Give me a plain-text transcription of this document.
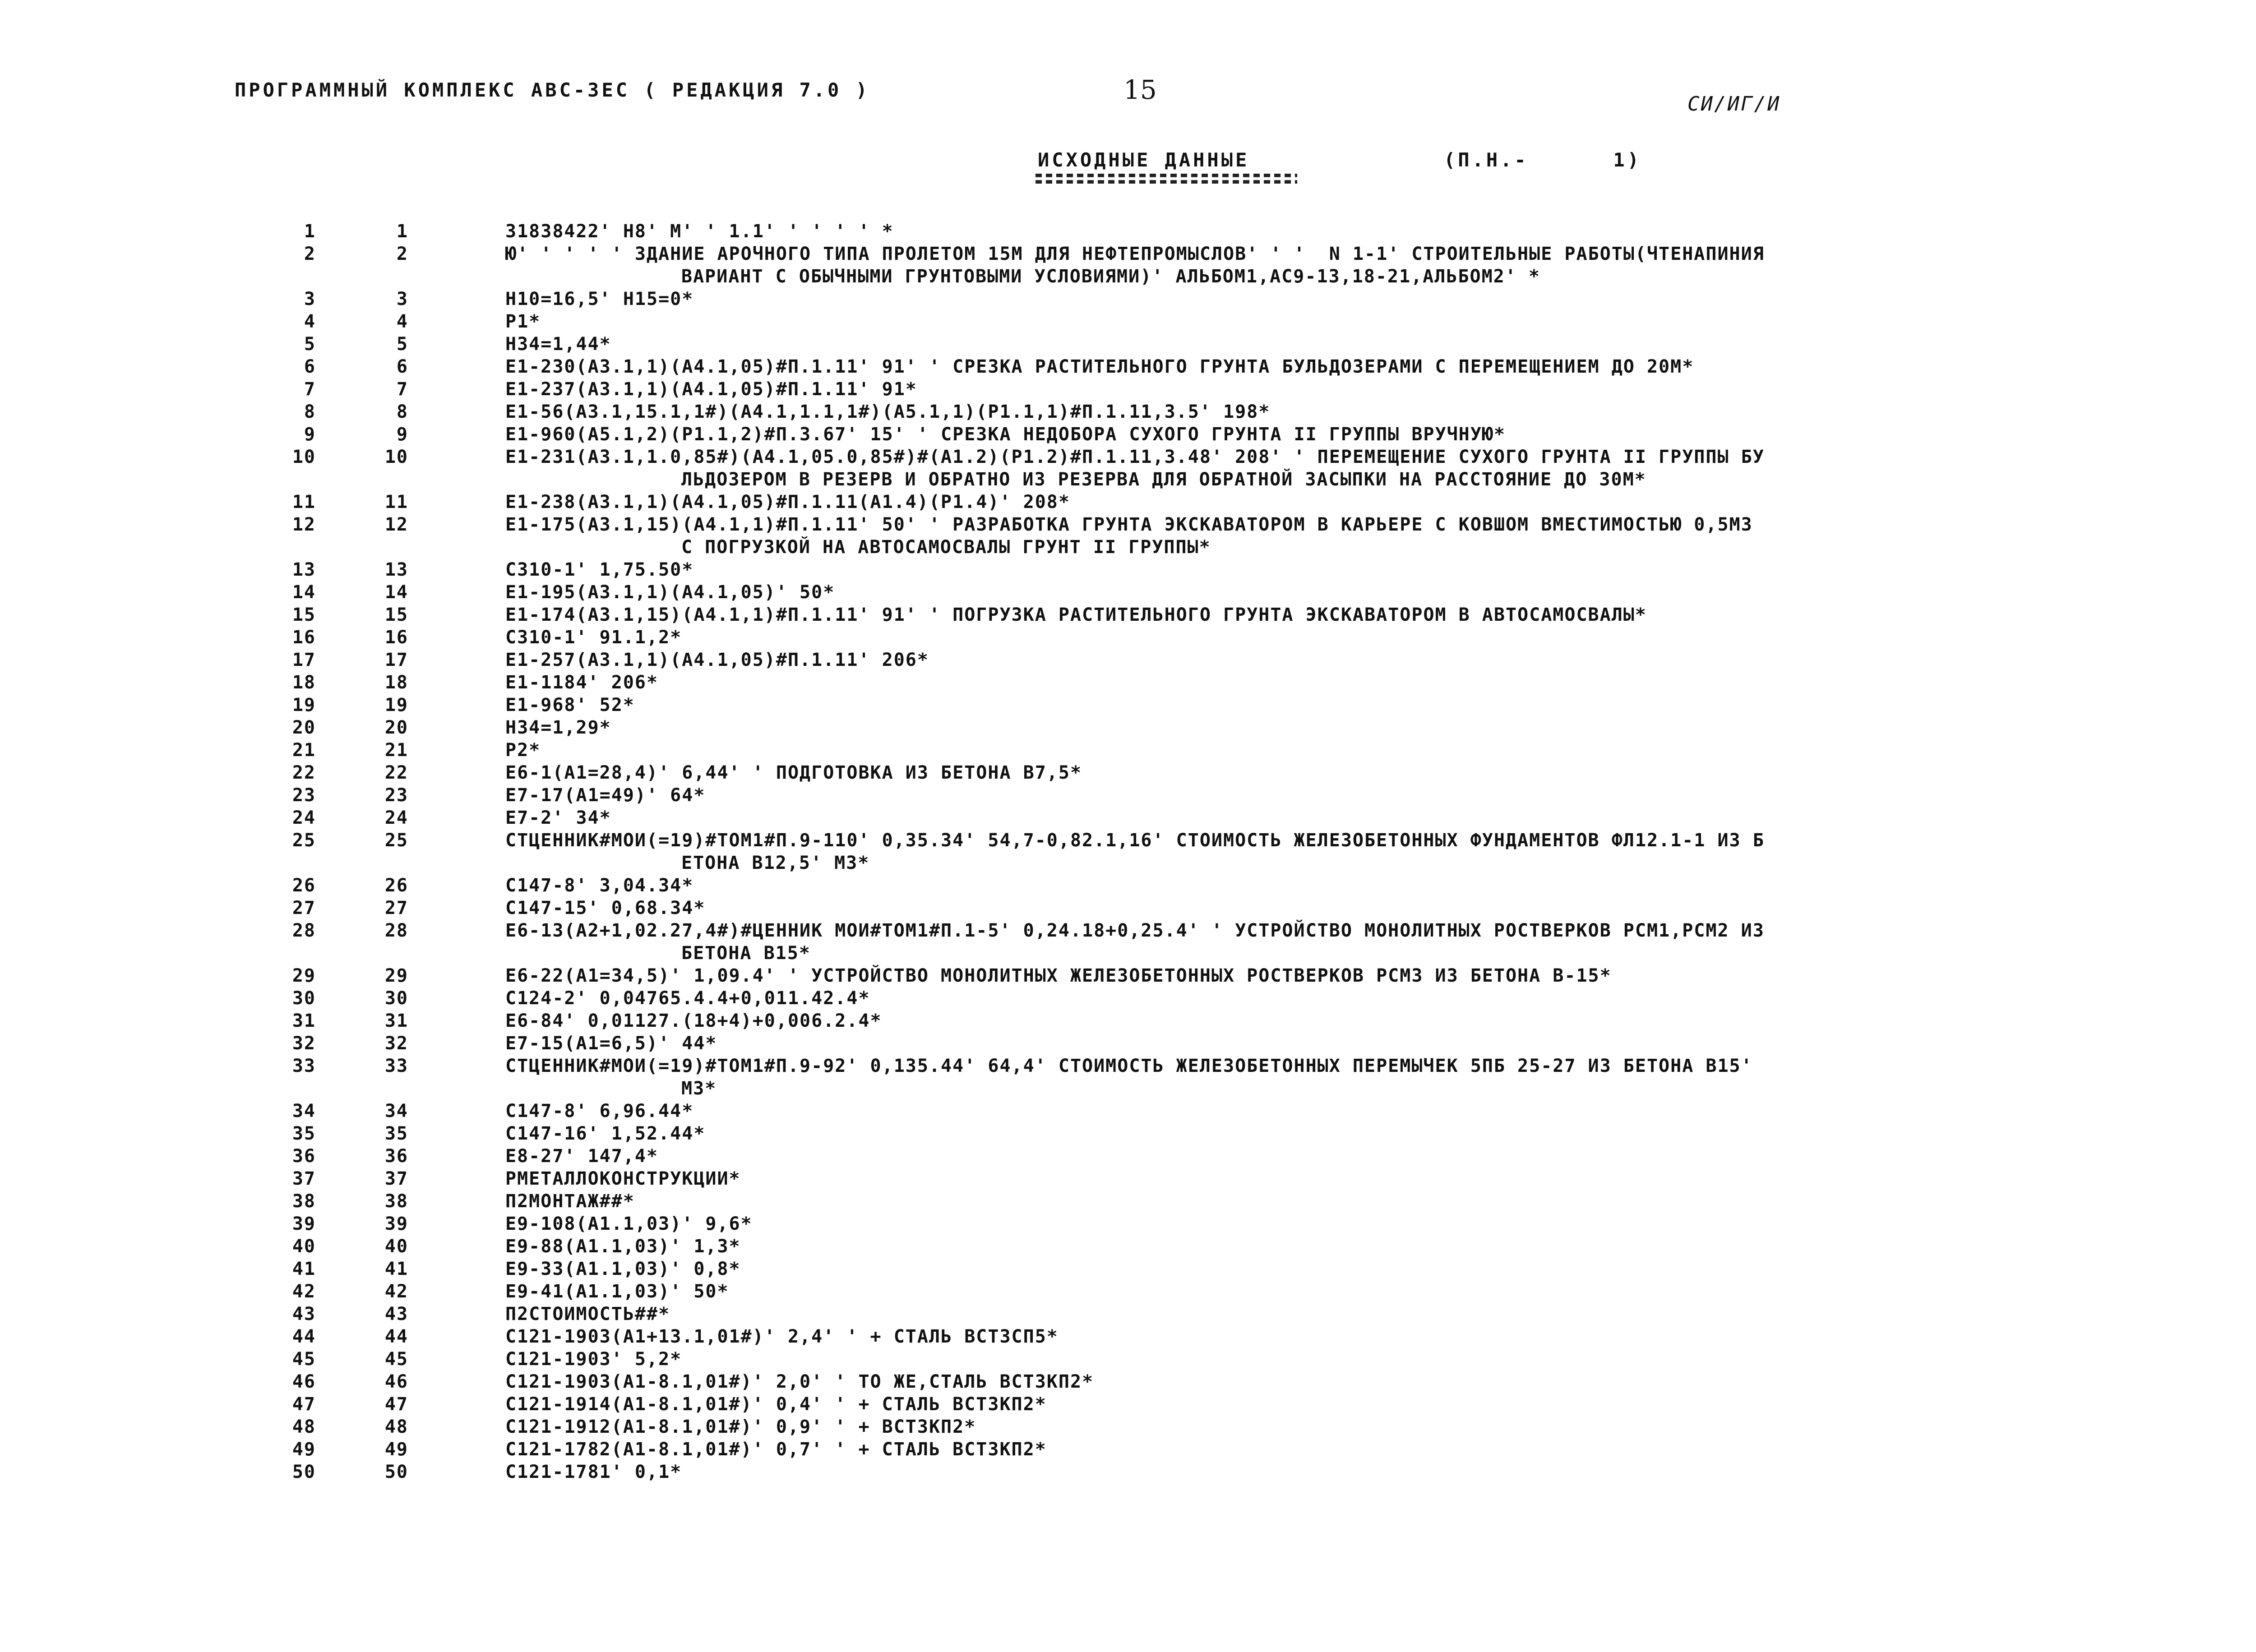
ПРОГРАММНЫЙ КОМПЛЕКС АВС-ЗЕС ( РЕДАКЦИЯ 7.0 )	15	СИ/ИГ/И
ИСХОДНЫЕ ДАННЫЕ	(П.Н.-      1)
1	1	31838422' Н8' М' ' 1.1' ' ' ' ' *
2	2	Ю' ' ' ' ' ЗДАНИЕ АРОЧНОГО ТИПА ПРОЛЕТОМ 15М ДЛЯ НЕФТЕПРОМЫСЛОВ' ' '  N 1-1' СТРОИТЕЛЬНЫЕ РАБОТЫ(ЧТЕНАПИНИЯ
ВАРИАНТ С ОБЫЧНЫМИ ГРУНТОВЫМИ УСЛОВИЯМИ)' АЛЬБОМ1,АС9-13,18-21,АЛЬБОМ2' *
3	3	Н10=16,5' Н15=0*
4	4	Р1*
5	5	Н34=1,44*
6	6	Е1-230(А3.1,1)(А4.1,05)#П.1.11' 91' ' СРЕЗКА РАСТИТЕЛЬНОГО ГРУНТА БУЛЬДОЗЕРАМИ С ПЕРЕМЕЩЕНИЕМ ДО 20М*
7	7	Е1-237(А3.1,1)(А4.1,05)#П.1.11' 91*
8	8	Е1-56(А3.1,15.1,1#)(А4.1,1.1,1#)(А5.1,1)(Р1.1,1)#П.1.11,3.5' 198*
9	9	Е1-960(А5.1,2)(Р1.1,2)#П.3.67' 15' ' СРЕЗКА НЕДОБОРА СУХОГО ГРУНТА II ГРУППЫ ВРУЧНУЮ*
10	10	Е1-231(А3.1,1.0,85#)(А4.1,05.0,85#)#(А1.2)(Р1.2)#П.1.11,3.48' 208' ' ПЕРЕМЕЩЕНИЕ СУХОГО ГРУНТА II ГРУППЫ БУ
ЛЬДОЗЕРОМ В РЕЗЕРВ И ОБРАТНО ИЗ РЕЗЕРВА ДЛЯ ОБРАТНОЙ ЗАСЫПКИ НА РАССТОЯНИЕ ДО 30М*
11	11	Е1-238(А3.1,1)(А4.1,05)#П.1.11(А1.4)(Р1.4)' 208*
12	12	Е1-175(А3.1,15)(А4.1,1)#П.1.11' 50' ' РАЗРАБОТКА ГРУНТА ЭКСКАВАТОРОМ В КАРЬЕРЕ С КОВШОМ ВМЕСТИМОСТЬЮ 0,5М3
С ПОГРУЗКОЙ НА АВТОСАМОСВАЛЫ ГРУНТ II ГРУППЫ*
13	13	С310-1' 1,75.50*
14	14	Е1-195(А3.1,1)(А4.1,05)' 50*
15	15	Е1-174(А3.1,15)(А4.1,1)#П.1.11' 91' ' ПОГРУЗКА РАСТИТЕЛЬНОГО ГРУНТА ЭКСКАВАТОРОМ В АВТОСАМОСВАЛЫ*
16	16	С310-1' 91.1,2*
17	17	Е1-257(А3.1,1)(А4.1,05)#П.1.11' 206*
18	18	Е1-1184' 206*
19	19	Е1-968' 52*
20	20	Н34=1,29*
21	21	Р2*
22	22	Е6-1(А1=28,4)' 6,44' ' ПОДГОТОВКА ИЗ БЕТОНА В7,5*
23	23	Е7-17(А1=49)' 64*
24	24	Е7-2' 34*
25	25	СТЦЕННИК#МОИ(=19)#ТОМ1#П.9-110' 0,35.34' 54,7-0,82.1,16' СТОИМОСТЬ ЖЕЛЕЗОБЕТОННЫХ ФУНДАМЕНТОВ ФЛ12.1-1 ИЗ Б
ЕТОНА В12,5' М3*
26	26	С147-8' 3,04.34*
27	27	С147-15' 0,68.34*
28	28	Е6-13(А2+1,02.27,4#)#ЦЕННИК МОИ#ТОМ1#П.1-5' 0,24.18+0,25.4' ' УСТРОЙСТВО МОНОЛИТНЫХ РОСТВЕРКОВ РСМ1,РСМ2 ИЗ
БЕТОНА В15*
29	29	Е6-22(А1=34,5)' 1,09.4' ' УСТРОЙСТВО МОНОЛИТНЫХ ЖЕЛЕЗОБЕТОННЫХ РОСТВЕРКОВ РСМ3 ИЗ БЕТОНА В-15*
30	30	С124-2' 0,04765.4.4+0,011.42.4*
31	31	Е6-84' 0,01127.(18+4)+0,006.2.4*
32	32	Е7-15(А1=6,5)' 44*
33	33	СТЦЕННИК#МОИ(=19)#ТОМ1#П.9-92' 0,135.44' 64,4' СТОИМОСТЬ ЖЕЛЕЗОБЕТОННЫХ ПЕРЕМЫЧЕК 5ПБ 25-27 ИЗ БЕТОНА В15'
М3*
34	34	С147-8' 6,96.44*
35	35	С147-16' 1,52.44*
36	36	Е8-27' 147,4*
37	37	РМЕТАЛЛОКОНСТРУКЦИИ*
38	38	П2МОНТАЖ##*
39	39	Е9-108(А1.1,03)' 9,6*
40	40	Е9-88(А1.1,03)' 1,3*
41	41	Е9-33(А1.1,03)' 0,8*
42	42	Е9-41(А1.1,03)' 50*
43	43	П2СТОИМОСТЬ##*
44	44	С121-1903(А1+13.1,01#)' 2,4' ' + СТАЛЬ ВСТ3СП5*
45	45	С121-1903' 5,2*
46	46	С121-1903(А1-8.1,01#)' 2,0' ' ТО ЖЕ,СТАЛЬ ВСТ3КП2*
47	47	С121-1914(А1-8.1,01#)' 0,4' ' + СТАЛЬ ВСТ3КП2*
48	48	С121-1912(А1-8.1,01#)' 0,9' ' + ВСТ3КП2*
49	49	С121-1782(А1-8.1,01#)' 0,7' ' + СТАЛЬ ВСТ3КП2*
50	50	С121-1781' 0,1*
